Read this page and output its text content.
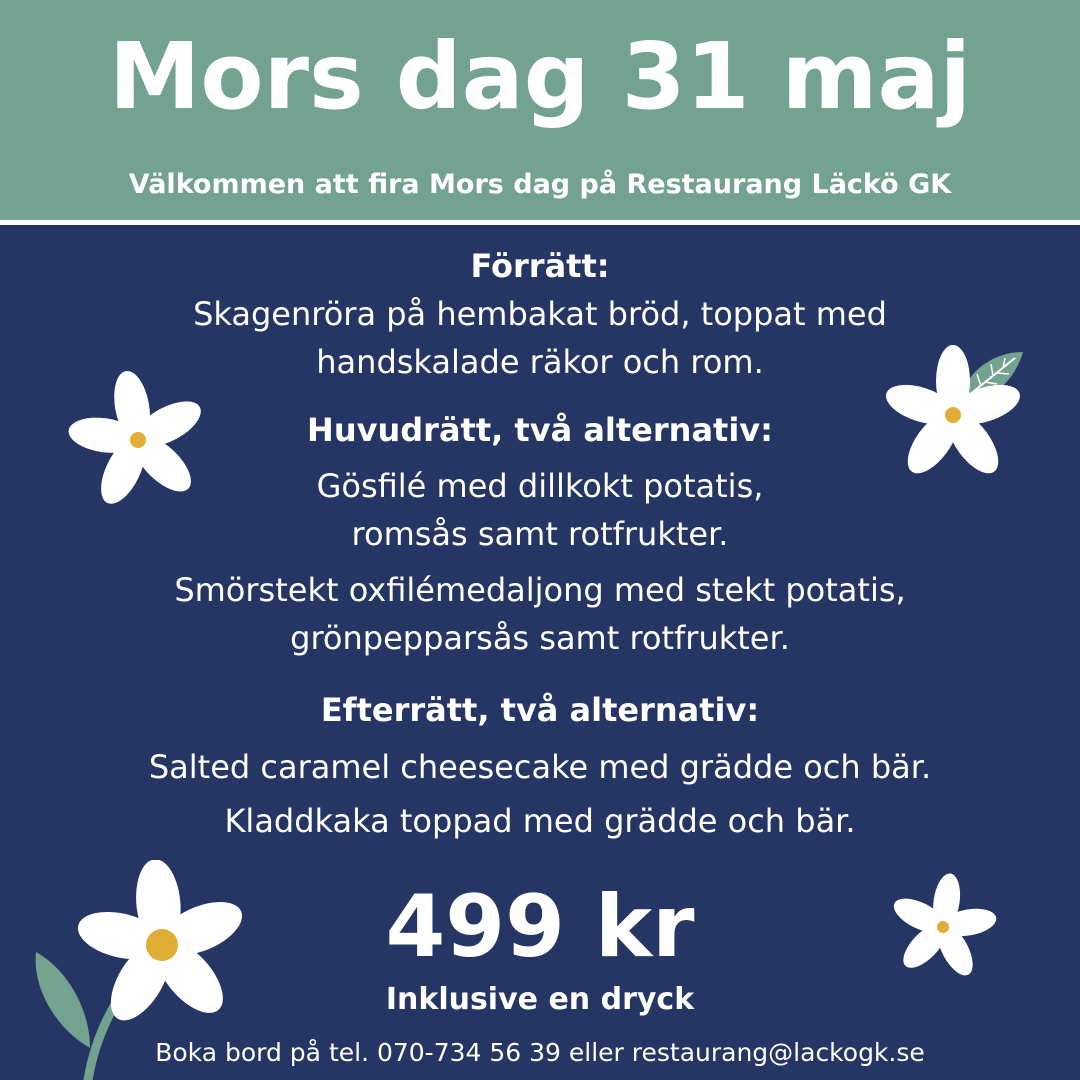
Mors dag 31 maj

Välkommen att fira Mors dag på Restaurang Läckö GK

Förrätt:

Skagenröra på hembakat bröd, toppat med
handskalade räkor och rom.

Huvudrätt, två alternativ:

Gösfilé med dillkokt potatis,
romsås samt rotfrukter.

Smörstekt oxfilémedaljong med stekt potatis,
grönpepparsås samt rotfrukter.

Efterrätt, två alternativ:

Salted caramel cheesecake med grädde och bär.

Kladdkaka toppad med grädde och bär.

499 kr

Inklusive en dryck

Boka bord på tel. 070-734 56 39 eller restaurang@lackogk.se
